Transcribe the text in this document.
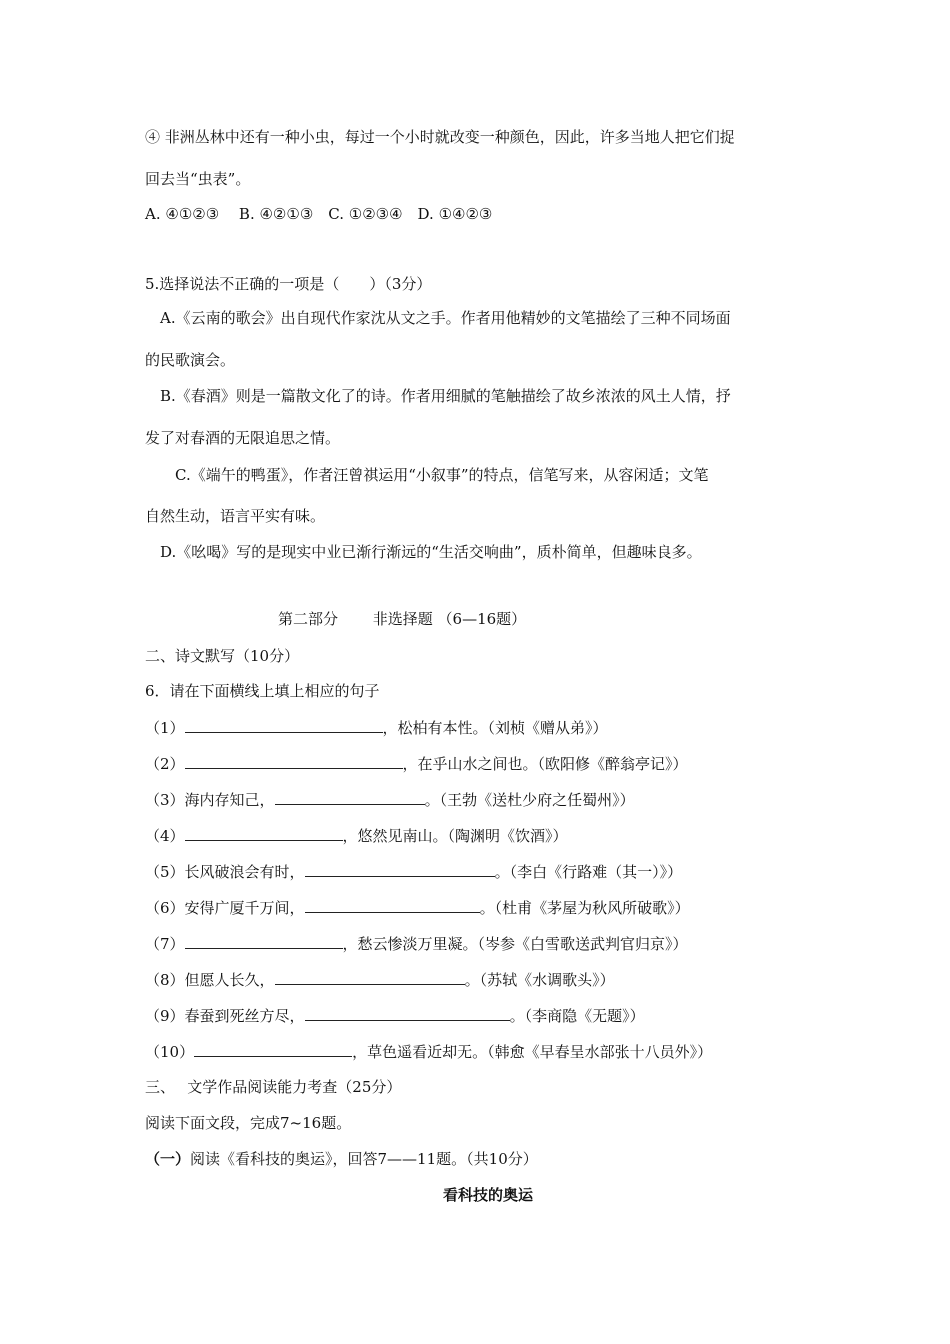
④ 非洲丛林中还有一种小虫，每过一个小时就改变一种颜色，因此，许多当地人把它们捉
回去当“虫表”。
A. ④①②③　 B. ④②①③　C. ①②③④　D. ①④②③
5.选择说法不正确的一项是（　　）（3分）
A.《云南的歌会》出自现代作家沈从文之手。作者用他精妙的文笔描绘了三种不同场面
的民歌演会。
B.《春酒》则是一篇散文化了的诗。作者用细腻的笔触描绘了故乡浓浓的风土人情，抒
发了对春酒的无限追思之情。
C.《端午的鸭蛋》，作者汪曾祺运用“小叙事”的特点，信笔写来，从容闲适；文笔
自然生动，语言平实有味。
D.《吆喝》写的是现实中业已渐行渐远的“生活交响曲”，质朴简单，但趣味良多。
第二部分　　 非选择题 （6—16题）
二、诗文默写（10分）
6．请在下面横线上填上相应的句子
（1）	，松柏有本性。（刘桢《赠从弟》）
（2）	，在乎山水之间也。（欧阳修《醉翁亭记》）
（3）海内存知己，	。（王勃《送杜少府之任蜀州》）
（4）	，悠然见南山。（陶渊明《饮酒》）
（5）长风破浪会有时，	。（李白《行路难（其一）》）
（6）安得广厦千万间，	。（杜甫《茅屋为秋风所破歌》）
（7）	，愁云惨淡万里凝。（岑参《白雪歌送武判官归京》）
（8）但愿人长久，	。（苏轼《水调歌头》）
（9）春蚕到死丝方尽，	。（李商隐《无题》）
（10）	，草色遥看近却无。（韩愈《早春呈水部张十八员外》）
三、　 文学作品阅读能力考查（25分）
阅读下面文段，完成7~16题。
（一）阅读《看科技的奥运》，回答7——11题。（共10分）
看科技的奥运
